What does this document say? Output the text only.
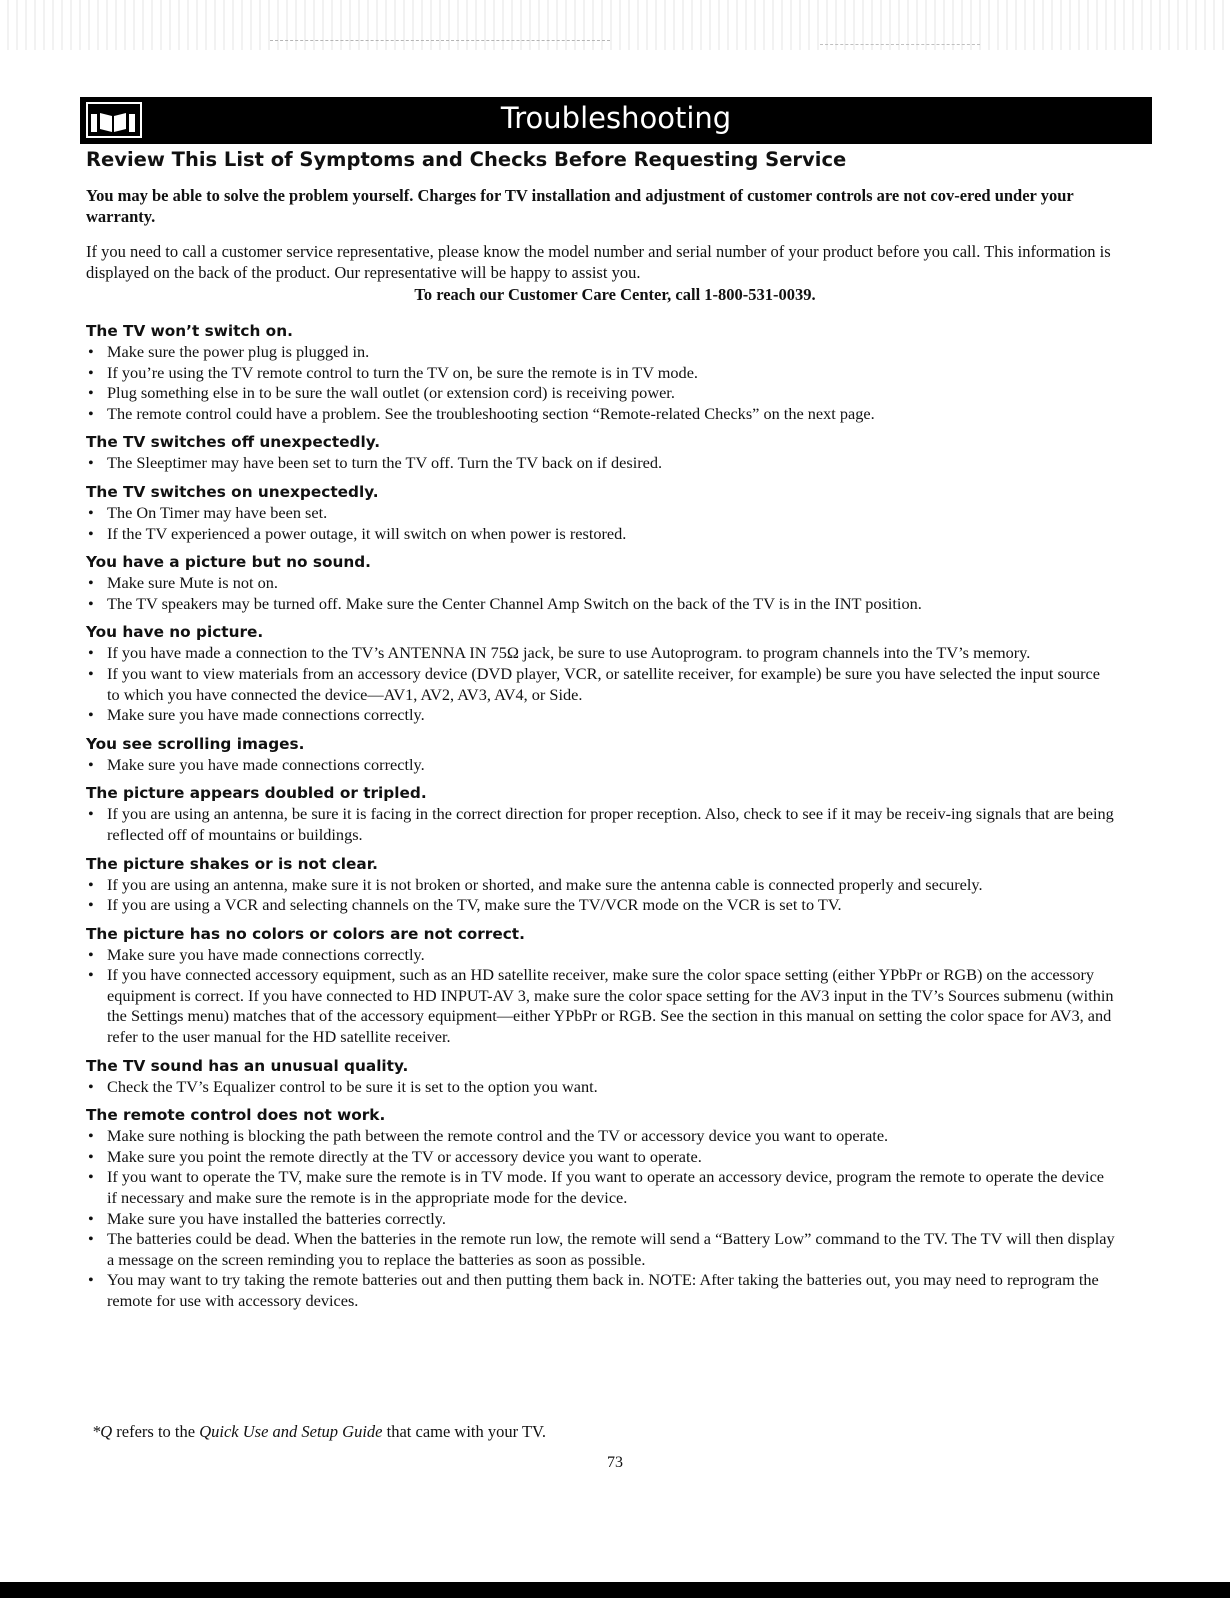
Troubleshooting
Review This List of Symptoms and Checks Before Requesting Service
You may be able to solve the problem yourself. Charges for TV installation and adjustment of customer controls are not cov-ered under your warranty.
If you need to call a customer service representative, please know the model number and serial number of your product before you call. This information is displayed on the back of the product. Our representative will be happy to assist you.
To reach our Customer Care Center, call 1-800-531-0039.
The TV won’t switch on.
• Make sure the power plug is plugged in.
• If you’re using the TV remote control to turn the TV on, be sure the remote is in TV mode.
• Plug something else in to be sure the wall outlet (or extension cord) is receiving power.
• The remote control could have a problem. See the troubleshooting section “Remote-related Checks” on the next page.
The TV switches off unexpectedly.
• The Sleeptimer may have been set to turn the TV off. Turn the TV back on if desired.
The TV switches on unexpectedly.
• The On Timer may have been set.
• If the TV experienced a power outage, it will switch on when power is restored.
You have a picture but no sound.
• Make sure Mute is not on.
• The TV speakers may be turned off. Make sure the Center Channel Amp Switch on the back of the TV is in the INT position.
You have no picture.
• If you have made a connection to the TV’s ANTENNA IN 75Ω jack, be sure to use Autoprogram. to program channels into the TV’s memory.
• If you want to view materials from an accessory device (DVD player, VCR, or satellite receiver, for example) be sure you have selected the input source to which you have connected the device—AV1, AV2, AV3, AV4, or Side.
• Make sure you have made connections correctly.
You see scrolling images.
• Make sure you have made connections correctly.
The picture appears doubled or tripled.
• If you are using an antenna, be sure it is facing in the correct direction for proper reception. Also, check to see if it may be receiv-ing signals that are being reflected off of mountains or buildings.
The picture shakes or is not clear.
• If you are using an antenna, make sure it is not broken or shorted, and make sure the antenna cable is connected properly and securely.
• If you are using a VCR and selecting channels on the TV, make sure the TV/VCR mode on the VCR is set to TV.
The picture has no colors or colors are not correct.
• Make sure you have made connections correctly.
• If you have connected accessory equipment, such as an HD satellite receiver, make sure the color space setting (either YPbPr or RGB) on the accessory equipment is correct. If you have connected to HD INPUT-AV 3, make sure the color space setting for the AV3 input in the TV’s Sources submenu (within the Settings menu) matches that of the accessory equipment—either YPbPr or RGB. See the section in this manual on setting the color space for AV3, and refer to the user manual for the HD satellite receiver.
The TV sound has an unusual quality.
• Check the TV’s Equalizer control to be sure it is set to the option you want.
The remote control does not work.
• Make sure nothing is blocking the path between the remote control and the TV or accessory device you want to operate.
• Make sure you point the remote directly at the TV or accessory device you want to operate.
• If you want to operate the TV, make sure the remote is in TV mode. If you want to operate an accessory device, program the remote to operate the device if necessary and make sure the remote is in the appropriate mode for the device.
• Make sure you have installed the batteries correctly.
• The batteries could be dead. When the batteries in the remote run low, the remote will send a “Battery Low” command to the TV. The TV will then display a message on the screen reminding you to replace the batteries as soon as possible.
• You may want to try taking the remote batteries out and then putting them back in. NOTE: After taking the batteries out, you may need to reprogram the remote for use with accessory devices.
*Q refers to the Quick Use and Setup Guide that came with your TV.
73
